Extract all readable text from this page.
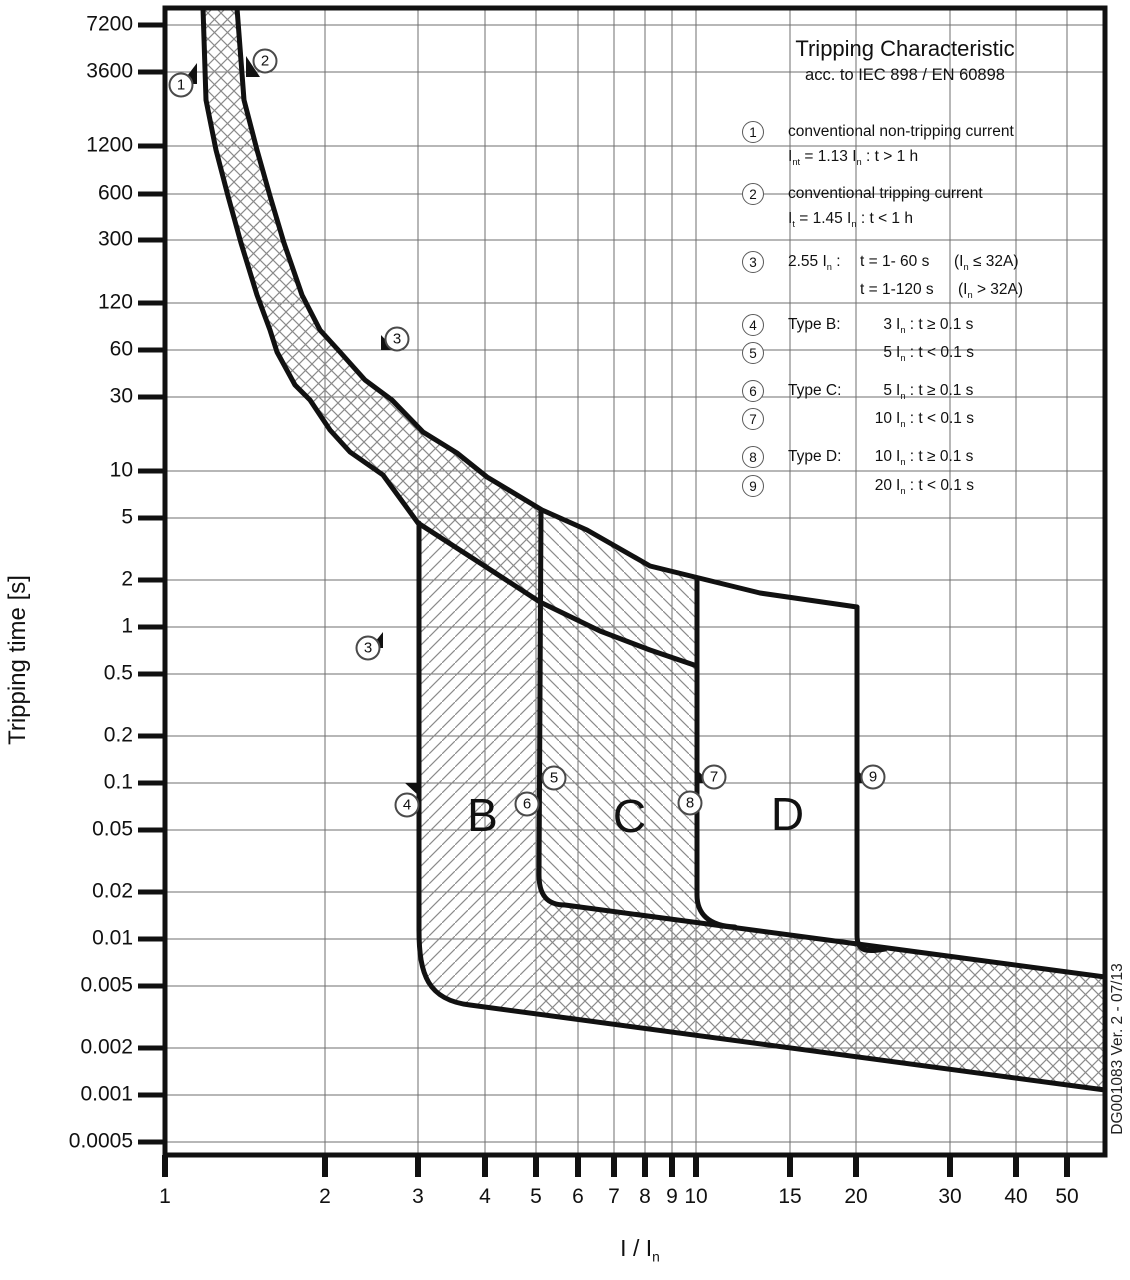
7200
3600
1200
600
300
120
60
30
10
5
2
1
0.5
0.2
0.1
0.05
0.02
0.01
0.005
0.002
0.001
0.0005
1	2	3	4 5 6 7 8 9 10	15 20	30 40 50
1
2
3
3
4
5
6
7
8
9
B C	D
Tripping time [s]
I / $I_n$
DG001083 Ver. 2 - 07/13
Tripping Characteristic
acc. to IEC 898 / EN 60898
1	conventional non-tripping current
$I_{nt} = 1.13$ $I_n$ : t > 1 h
2	conventional tripping current
$I_t = 1.45$ $I_n$ : t < 1 h
3	2.55 $I_n$ : t = 1- 60 s $(I_n \le 32A)$
t = 1-120 s $(I_n > 32A)$
4	Type B:	3 $I_n$ : t ≥ 0.1 s
5	5 $I_n$ : t < 0.1 s
6	Type C:	5 $I_n$ : t ≥ 0.1 s
7	10 $I_n$ : t < 0.1 s
8	Type D:	10 $I_n$ : t ≥ 0.1 s
9	20 $I_n$ : t < 0.1 s
